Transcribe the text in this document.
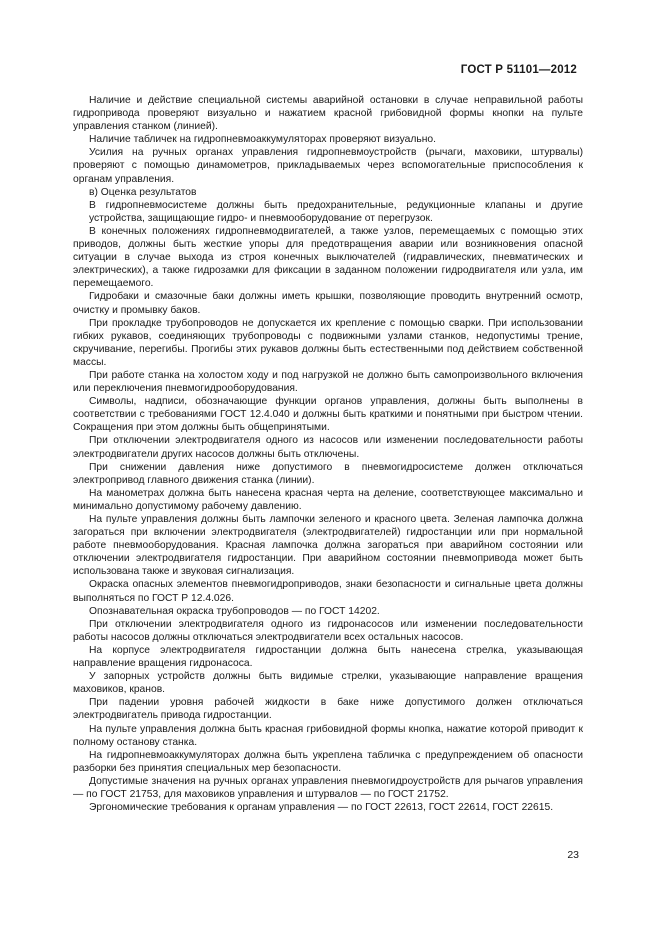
ГОСТ Р 51101—2012

Наличие и действие специальной системы аварийной остановки в случае неправильной работы гидропривода проверяют визуально и нажатием красной грибовидной формы кнопки на пульте управления станком (линией).

Наличие табличек на гидропневмоаккумуляторах проверяют визуально.

Усилия на ручных органах управления гидропневмоустройств (рычаги, маховики, штурвалы) проверяют с помощью динамометров, прикладываемых через вспомогательные приспособления к органам управления.

в) Оценка результатов

В гидропневмосистеме должны быть предохранительные, редукционные клапаны и другие устройства, защищающие гидро- и пневмооборудование от перегрузок.

В конечных положениях гидропневмодвигателей, а также узлов, перемещаемых с помощью этих приводов, должны быть жесткие упоры для предотвращения аварии или возникновения опасной ситуации в случае выхода из строя конечных выключателей (гидравлических, пневматических и электрических), а также гидрозамки для фиксации в заданном положении гидродвигателя или узла, им перемещаемого.

Гидробаки и смазочные баки должны иметь крышки, позволяющие проводить внутренний осмотр, очистку и промывку баков.

При прокладке трубопроводов не допускается их крепление с помощью сварки. При использовании гибких рукавов, соединяющих трубопроводы с подвижными узлами станков, недопустимы трение, скручивание, перегибы. Прогибы этих рукавов должны быть естественными под действием собственной массы.

При работе станка на холостом ходу и под нагрузкой не должно быть самопроизвольного включения или переключения пневмогидрооборудования.

Символы, надписи, обозначающие функции органов управления, должны быть выполнены в соответствии с требованиями ГОСТ 12.4.040 и должны быть краткими и понятными при быстром чтении. Сокращения при этом должны быть общепринятыми.

При отключении электродвигателя одного из насосов или изменении последовательности работы электродвигатели других насосов должны быть отключены.

При снижении давления ниже допустимого в пневмогидросистеме должен отключаться электропривод главного движения станка (линии).

На манометрах должна быть нанесена красная черта на деление, соответствующее максимально и минимально допустимому рабочему давлению.

На пульте управления должны быть лампочки зеленого и красного цвета. Зеленая лампочка должна загораться при включении электродвигателя (электродвигателей) гидростанции или при нормальной работе пневмооборудования. Красная лампочка должна загораться при аварийном состоянии или отключении электродвигателя гидростанции. При аварийном состоянии пневмопривода может быть использована также и звуковая сигнализация.

Окраска опасных элементов пневмогидроприводов, знаки безопасности и сигнальные цвета должны выполняться по ГОСТ Р 12.4.026.

Опознавательная окраска трубопроводов — по ГОСТ 14202.

При отключении электродвигателя одного из гидронасосов или изменении последовательности работы насосов должны отключаться электродвигатели всех остальных насосов.

На корпусе электродвигателя гидростанции должна быть нанесена стрелка, указывающая направление вращения гидронасоса.

У запорных устройств должны быть видимые стрелки, указывающие направление вращения маховиков, кранов.

При падении уровня рабочей жидкости в баке ниже допустимого должен отключаться электродвигатель привода гидростанции.

На пульте управления должна быть красная грибовидной формы кнопка, нажатие которой приводит к полному останову станка.

На гидропневмоаккумуляторах должна быть укреплена табличка с предупреждением об опасности разборки без принятия специальных мер безопасности.

Допустимые значения на ручных органах управления пневмогидроустройств для рычагов управления — по ГОСТ 21753, для маховиков управления и штурвалов — по ГОСТ 21752.

Эргономические требования к органам управления — по ГОСТ 22613, ГОСТ 22614, ГОСТ 22615.

23
